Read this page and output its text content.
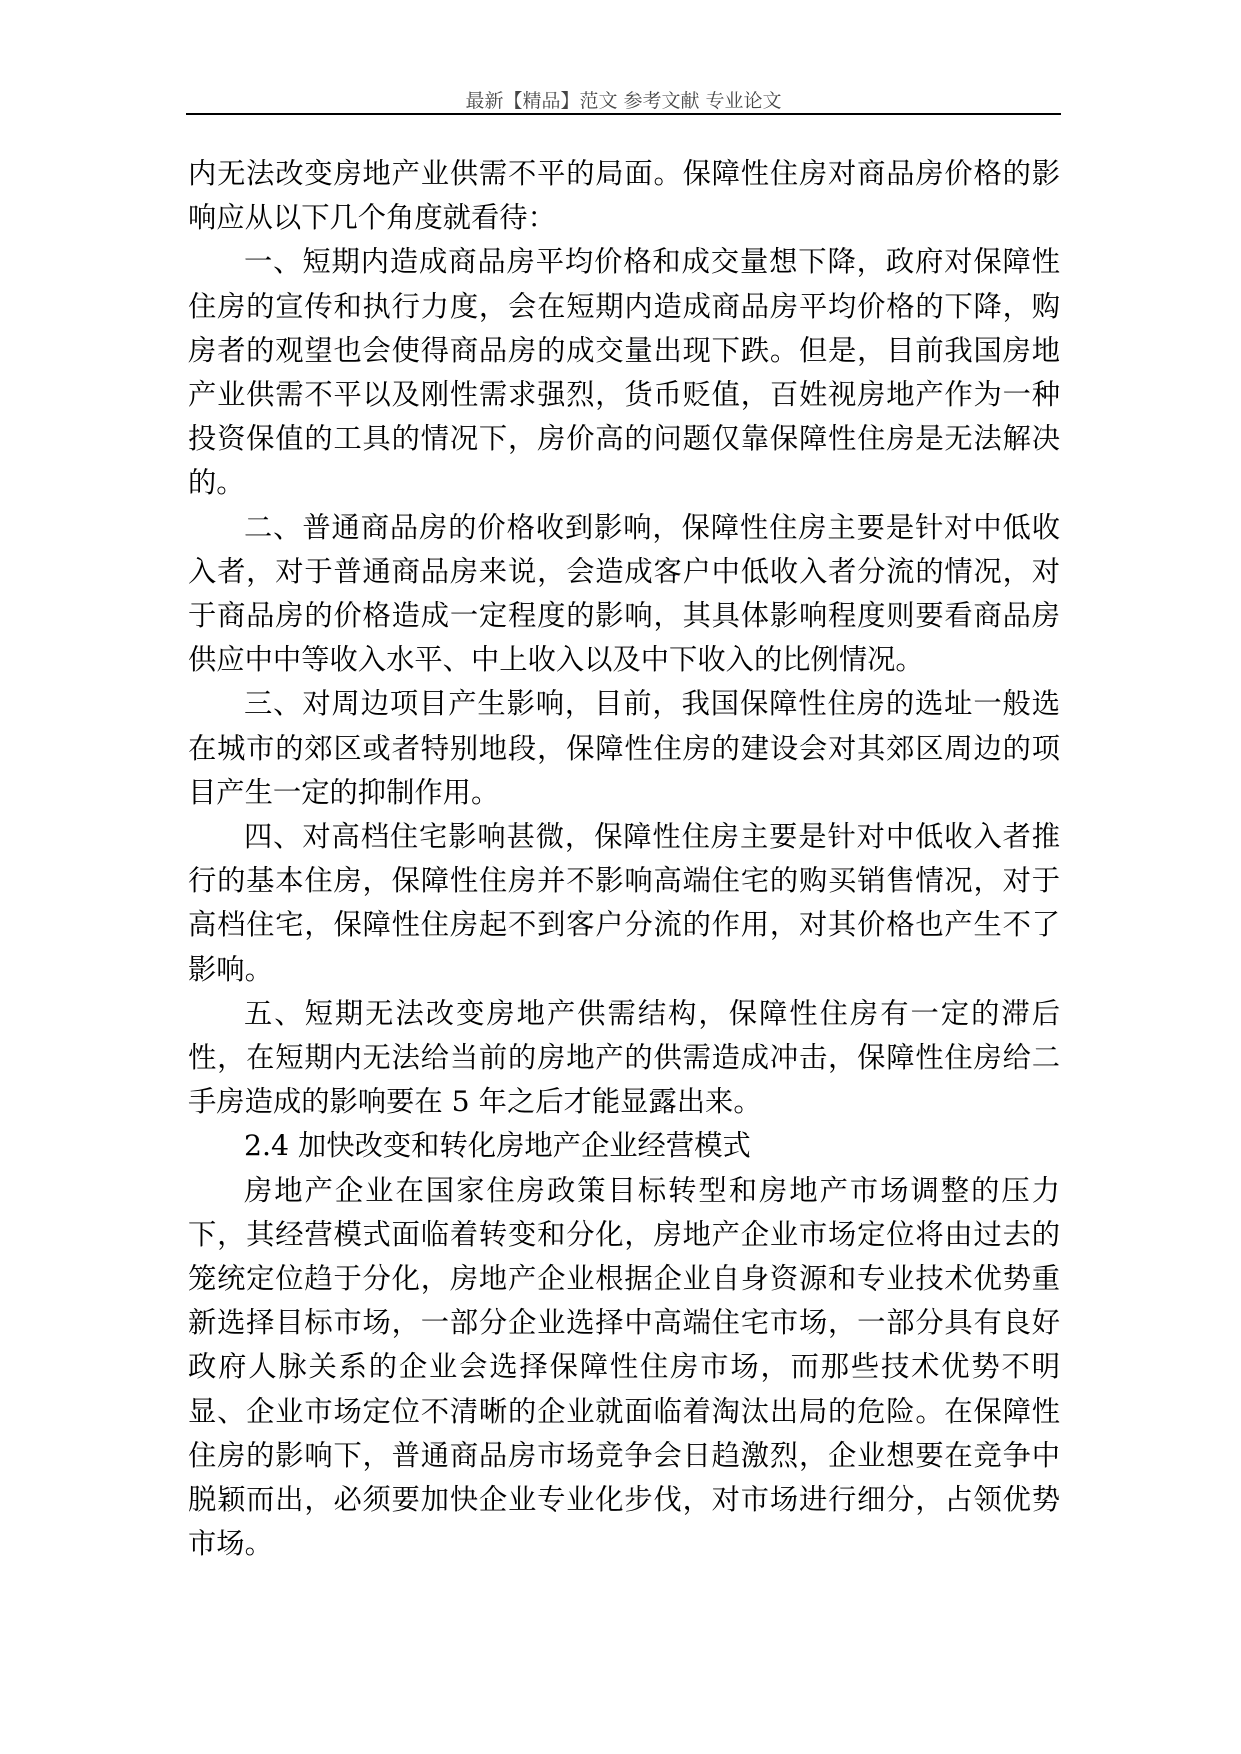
最新【精品】范文 参考文献 专业论文

内无法改变房地产业供需不平的局面。保障性住房对商品房价格的影响应从以下几个角度就看待：

一、短期内造成商品房平均价格和成交量想下降，政府对保障性住房的宣传和执行力度，会在短期内造成商品房平均价格的下降，购房者的观望也会使得商品房的成交量出现下跌。但是，目前我国房地产业供需不平以及刚性需求强烈，货币贬值，百姓视房地产作为一种投资保值的工具的情况下，房价高的问题仅靠保障性住房是无法解决的。

二、普通商品房的价格收到影响，保障性住房主要是针对中低收入者，对于普通商品房来说，会造成客户中低收入者分流的情况，对于商品房的价格造成一定程度的影响，其具体影响程度则要看商品房供应中中等收入水平、中上收入以及中下收入的比例情况。

三、对周边项目产生影响，目前，我国保障性住房的选址一般选在城市的郊区或者特别地段，保障性住房的建设会对其郊区周边的项目产生一定的抑制作用。

四、对高档住宅影响甚微，保障性住房主要是针对中低收入者推行的基本住房，保障性住房并不影响高端住宅的购买销售情况，对于高档住宅，保障性住房起不到客户分流的作用，对其价格也产生不了影响。

五、短期无法改变房地产供需结构，保障性住房有一定的滞后性，在短期内无法给当前的房地产的供需造成冲击，保障性住房给二手房造成的影响要在 5 年之后才能显露出来。

2.4 加快改变和转化房地产企业经营模式

房地产企业在国家住房政策目标转型和房地产市场调整的压力下，其经营模式面临着转变和分化，房地产企业市场定位将由过去的笼统定位趋于分化，房地产企业根据企业自身资源和专业技术优势重新选择目标市场，一部分企业选择中高端住宅市场，一部分具有良好政府人脉关系的企业会选择保障性住房市场，而那些技术优势不明显、企业市场定位不清晰的企业就面临着淘汰出局的危险。在保障性住房的影响下，普通商品房市场竞争会日趋激烈，企业想要在竞争中脱颖而出，必须要加快企业专业化步伐，对市场进行细分，占领优势市场。
